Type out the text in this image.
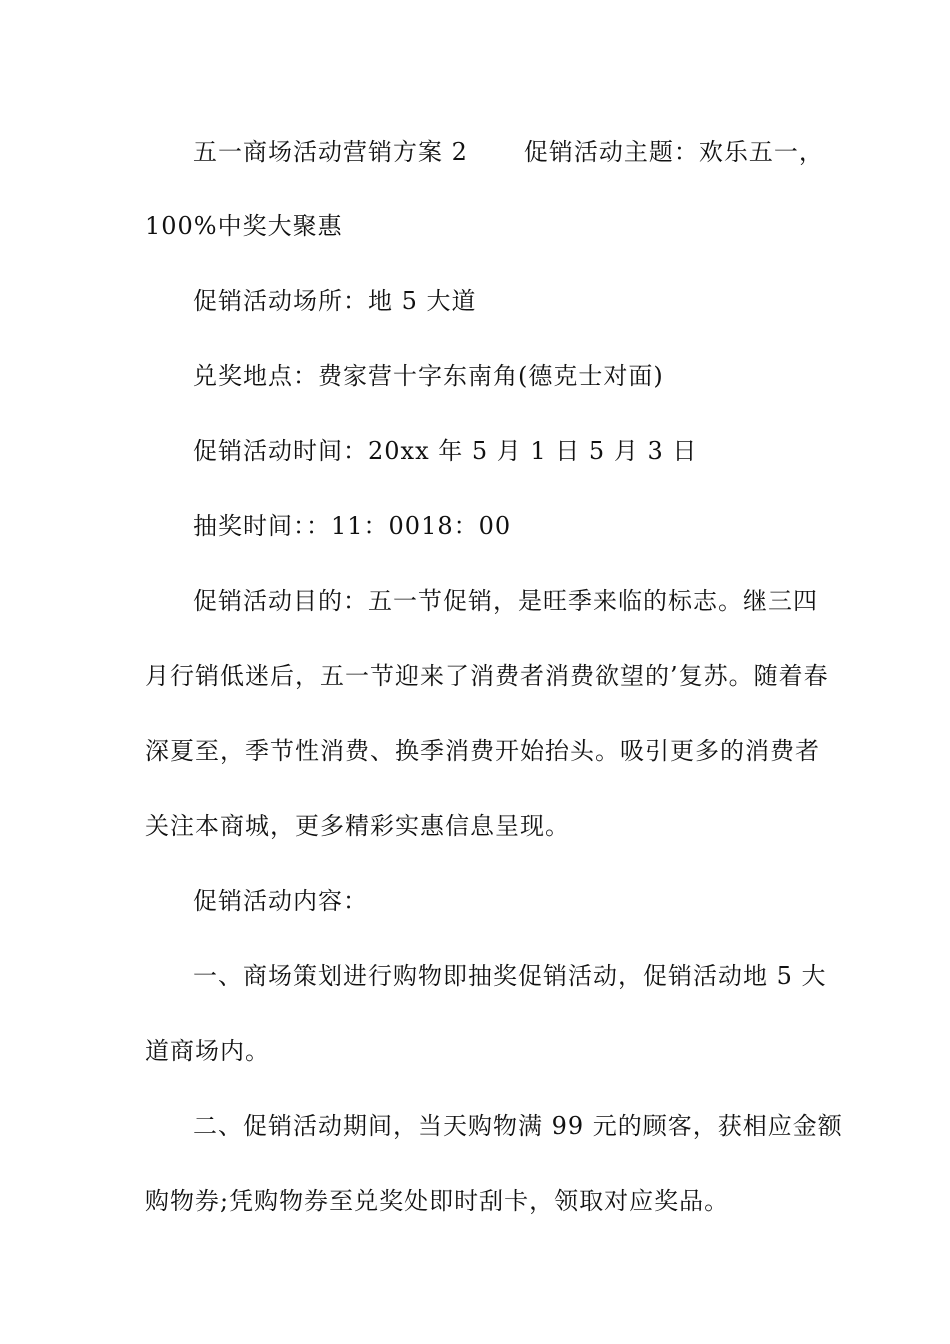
五一商场活动营销方案 2 促销活动主题：欢乐五一，
100%中奖大聚惠
促销活动场所：地 5 大道
兑奖地点：费家营十字东南角(德克士对面)
促销活动时间：20xx 年 5 月 1 日 5 月 3 日
抽奖时间：：11：0018：00
促销活动目的：五一节促销，是旺季来临的标志。继三四
月行销低迷后，五一节迎来了消费者消费欲望的’复苏。随着春
深夏至，季节性消费、换季消费开始抬头。吸引更多的消费者
关注本商城，更多精彩实惠信息呈现。
促销活动内容：
一、商场策划进行购物即抽奖促销活动，促销活动地 5 大
道商场内。
二、促销活动期间，当天购物满 99 元的顾客，获相应金额
购物券;凭购物券至兑奖处即时刮卡，领取对应奖品。
